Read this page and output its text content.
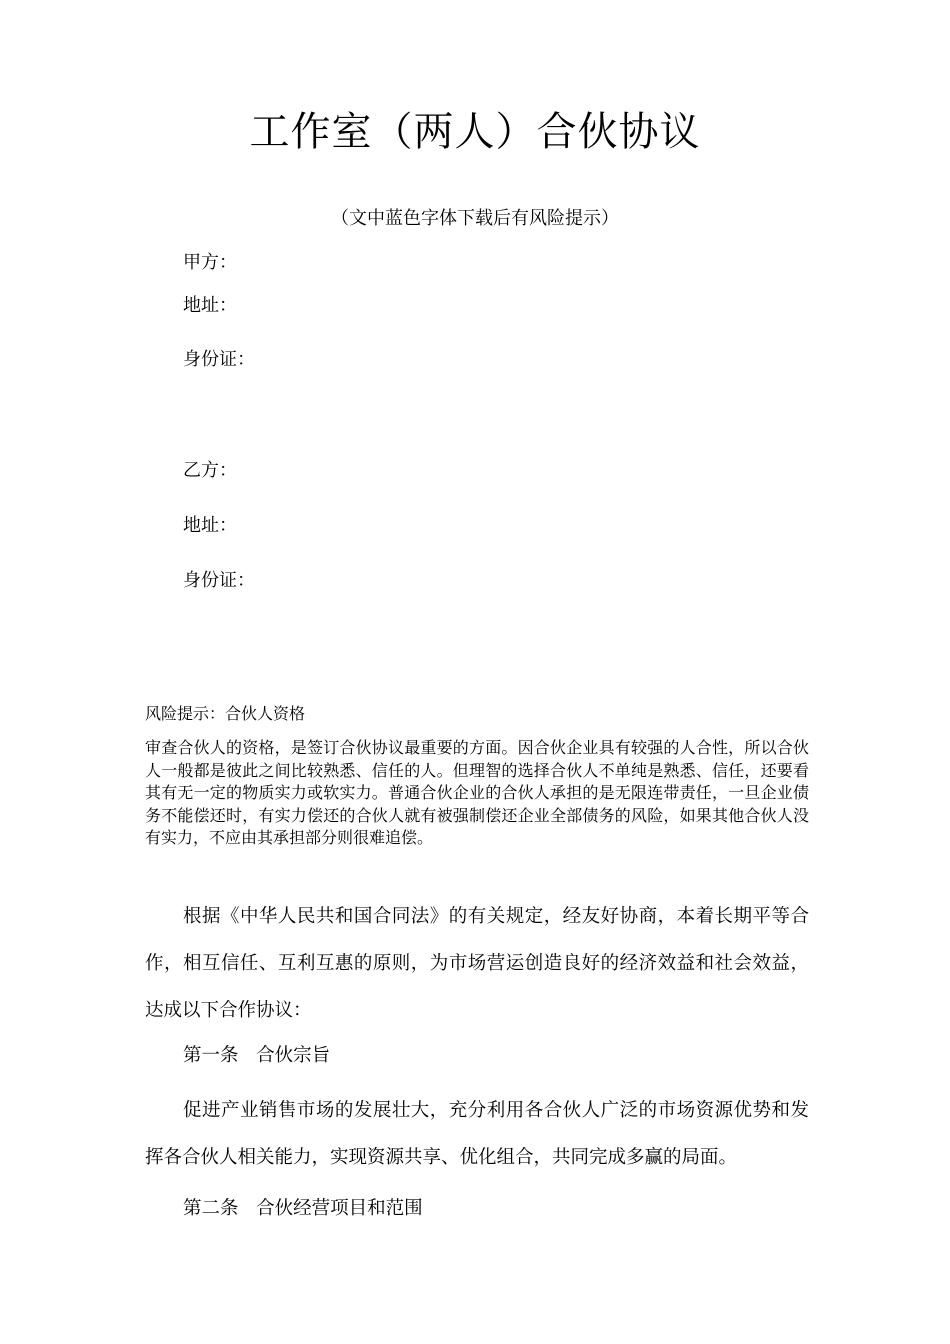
工作室（两人）合伙协议
（文中蓝色字体下载后有风险提示）
甲方：
地址：
身份证：
乙方：
地址：
身份证：
风险提示：合伙人资格
审查合伙人的资格，是签订合伙协议最重要的方面。因合伙企业具有较强的人合性，所以合伙人一般都是彼此之间比较熟悉、信任的人。但理智的选择合伙人不单纯是熟悉、信任，还要看其有无一定的物质实力或软实力。普通合伙企业的合伙人承担的是无限连带责任，一旦企业债务不能偿还时，有实力偿还的合伙人就有被强制偿还企业全部债务的风险，如果其他合伙人没有实力，不应由其承担部分则很难追偿。
根据《中华人民共和国合同法》的有关规定，经友好协商，本着长期平等合作，相互信任、互利互惠的原则，为市场营运创造良好的经济效益和社会效益，达成以下合作协议：
第一条   合伙宗旨
促进产业销售市场的发展壮大，充分利用各合伙人广泛的市场资源优势和发挥各合伙人相关能力，实现资源共享、优化组合，共同完成多赢的局面。
第二条   合伙经营项目和范围
